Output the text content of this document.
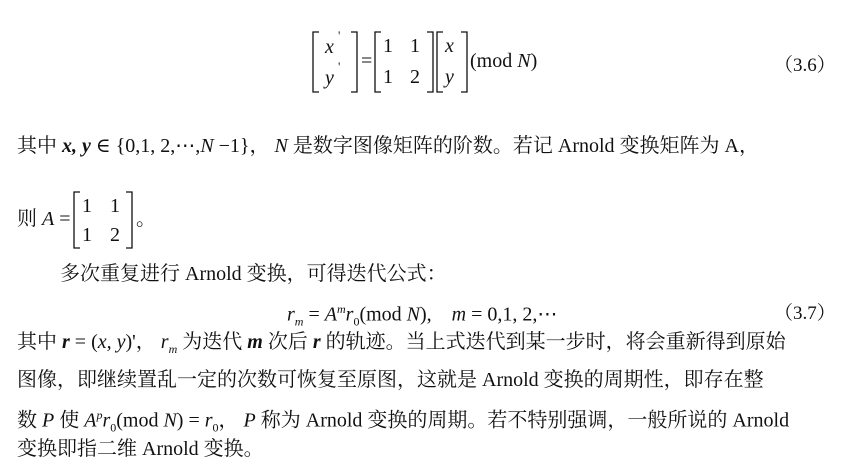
x
'
y
' =
1 1
1 2
x
y
(mod N)	（3.6）
其中 x, y ∈ {0,1, 2,⋯,N −1}， N 是数字图像矩阵的阶数。若记 Arnold 变换矩阵为 A，
则 A =
1 1
1 2
。
多次重复进行 Arnold 变换，可得迭代公式：
$r_m = A^mr_0(mod$ N), m = 0,1, 2,⋯	（3.7）
其中 r = (x, y)'， $r_m$ 为迭代 m 次后 r 的轨迹。当上式迭代到某一步时，将会重新得到原始
图像，即继续置乱一定的次数可恢复至原图，这就是 Arnold 变换的周期性，即存在整
数 P 使 $A^pr_0(mod$ $N) = r_0$， P 称为 Arnold 变换的周期。若不特别强调，一般所说的 Arnold
变换即指二维 Arnold 变换。
